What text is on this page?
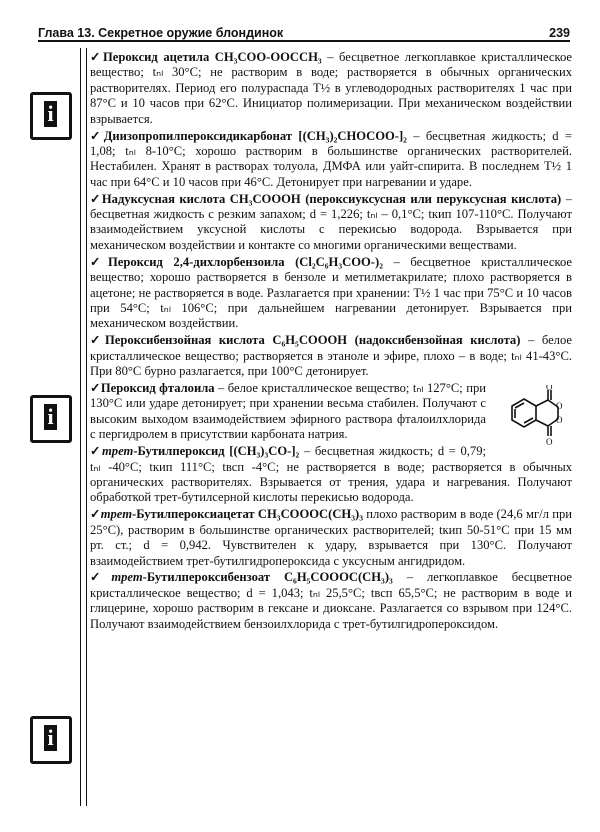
Глава 13. Секретное оружие блондинок	239
i
i
i

✓Пероксид ацетила CH₃COO-OOCCH₃ – бесцветное легкоплавкое кристаллическое вещество; tₙₗ 30°С; не растворим в воде; растворяется в обычных органических растворителях. Период его полураспада T½ в углеводородных растворителях 1 час при 87°С и 10 часов при 62°С. Инициатор полимеризации. При механическом воздействии взрывается.

✓Диизопропилпероксидикарбонат [(CH₃)₂CHOCOO-]₂ – бесцветная жидкость; d = 1,08; tₙₗ 8-10°С; хорошо растворим в большинстве органических растворителей. Нестабилен. Хранят в растворах толуола, ДМФА или уайт-спирита. В последнем T½ 1 час при 64°С и 10 часов при 46°С. Детонирует при нагревании и ударе.

✓Надуксусная кислота CH₃COOOH (пероксиуксусная или перуксусная кислота) – бесцветная жидкость с резким запахом; d = 1,226; tₙₗ – 0,1°С; tкип 107-110°С. Получают взаимодействием уксусной кислоты с перекисью водорода. Взрывается при механическом воздействии и контакте со многими органическими веществами.

✓Пероксид 2,4-дихлорбензоила (Cl₂C₆H₃COO-)₂ – бесцветное кристаллическое вещество; хорошо растворяется в бензоле и метилметакрилате; плохо растворяется в ацетоне; не растворяется в воде. Разлагается при хранении: T½ 1 час при 75°С и 10 часов при 54°С; tₙₗ 106°С; при дальнейшем нагревании детонирует. Взрывается при механическом воздействии.

✓Пероксибензойная кислота C₆H₅COOOH (надоксибензойная кислота) – белое кристаллическое вещество; растворяется в этаноле и эфире, плохо – в воде; tₙₗ 41-43°С. При 80°С бурно разлагается, при 100°С детонирует.

O
O
O
O

✓Пероксид фталоила – белое кристаллическое вещество; tₙₗ 127°С; при 130°С или ударе детонирует; при хранении весьма стабилен. Получают с высоким выходом взаимодействием эфирного раствора фталоилхлорида с пергидролем в присутствии карбоната натрия.

✓трет-Бутилпероксид [(CH₃)₃CO-]₂ – бесцветная жидкость; d = 0,79; tₙₗ -40°С; tкип 111°С; tвсп -4°С; не растворяется в воде; растворяется в обычных органических растворителях. Взрывается от трения, удара и нагревания. Получают обработкой трет-бутилсерной кислоты перекисью водорода.

✓трет-Бутилпероксиацетат CH₃COOOC(CH₃)₃ плохо растворим в воде (24,6 мг/л при 25°С), растворим в большинстве органических растворителей; tкип 50-51°С при 15 мм рт. ст.; d = 0,942. Чувствителен к удару, взрывается при 130°С. Получают взаимодействием трет-бутилгидропероксида с уксусным ангидридом.

✓трет-Бутилпероксибензоат C₆H₅COOOC(CH₃)₃ – легкоплавкое бесцветное кристаллическое вещество; d = 1,043; tₙₗ 25,5°С; tвсп 65,5°С; не растворим в воде и глицерине, хорошо растворим в гексане и диоксане. Разлагается со взрывом при 124°С. Получают взаимодействием бензоилхлорида с трет-бутилгидропероксидом.
